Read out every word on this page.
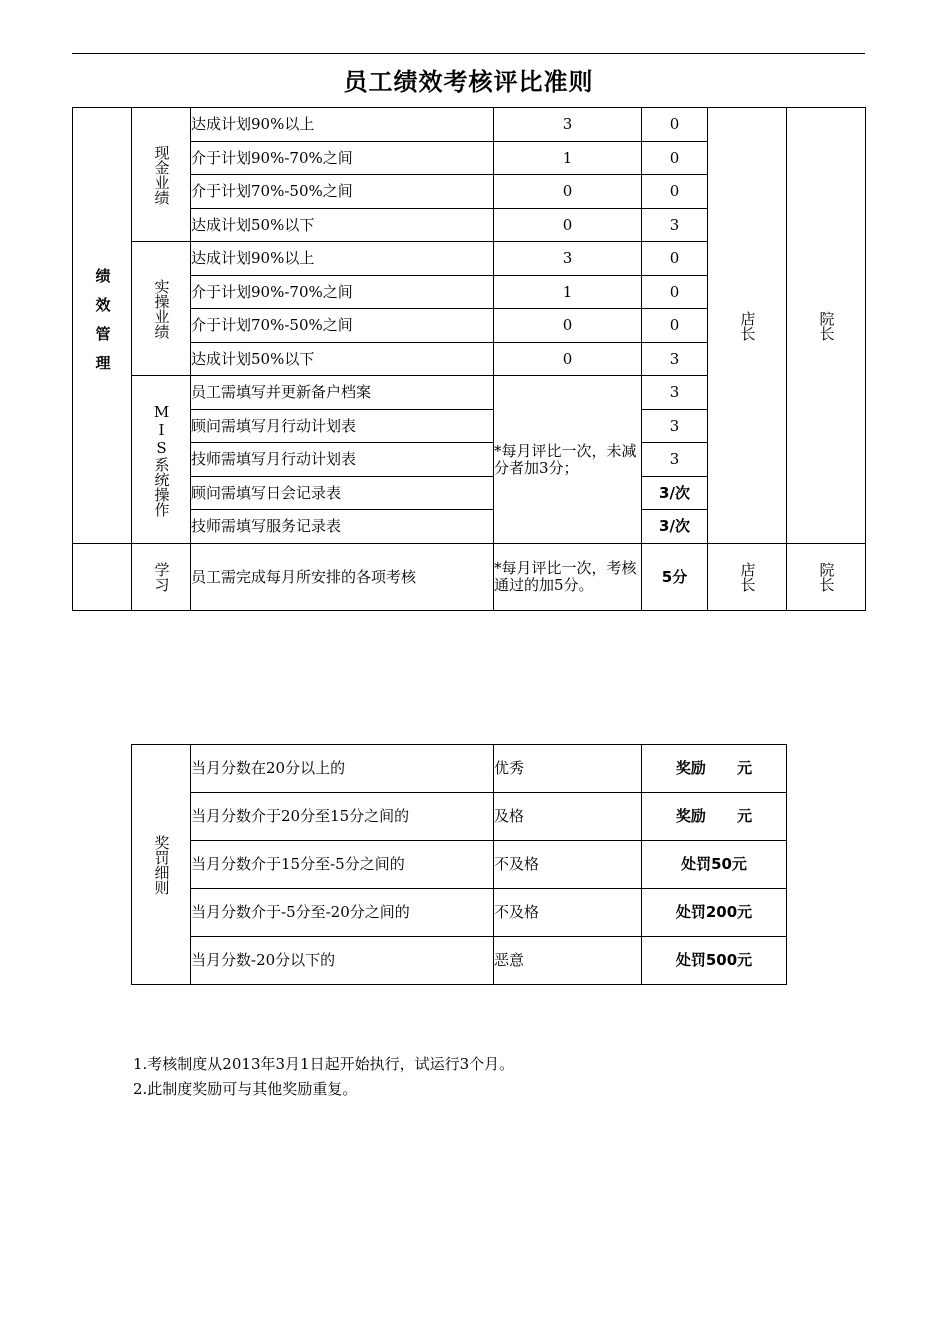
员工绩效考核评比准则
绩效管理	现金业绩	达成计划90%以上	3	0	店长	院长

		介于计划90%-70%之间	1	0		
		介于计划70%-50%之间	0	0		
		达成计划50%以下	0	3		

	实操业绩	达成计划90%以上	3	0		
		介于计划90%-70%之间	1	0		
		介于计划70%-50%之间	0	0		
		达成计划50%以下	0	3		

	MIS系统操作	员工需填写并更新备户档案	*每月评比一次，未减分者加3分；	3		
		顾问需填写月行动计划表		3		
		技师需填写月行动计划表		3		
		顾问需填写日会记录表		3/次		
		技师需填写服务记录表		3/次		

	学习	员工需完成每月所安排的各项考核	*每月评比一次，考核通过的加5分。	5分	店长	院长
奖罚细则	当月分数在20分以上的	优秀	奖励      元
	当月分数介于20分至15分之间的	及格	奖励      元
	当月分数介于15分至-5分之间的	不及格	处罚50元
	当月分数介于-5分至-20分之间的	不及格	处罚200元
	当月分数-20分以下的	恶意	处罚500元
1.考核制度从2013年3月1日起开始执行，试运行3个月。
2.此制度奖励可与其他奖励重复。
